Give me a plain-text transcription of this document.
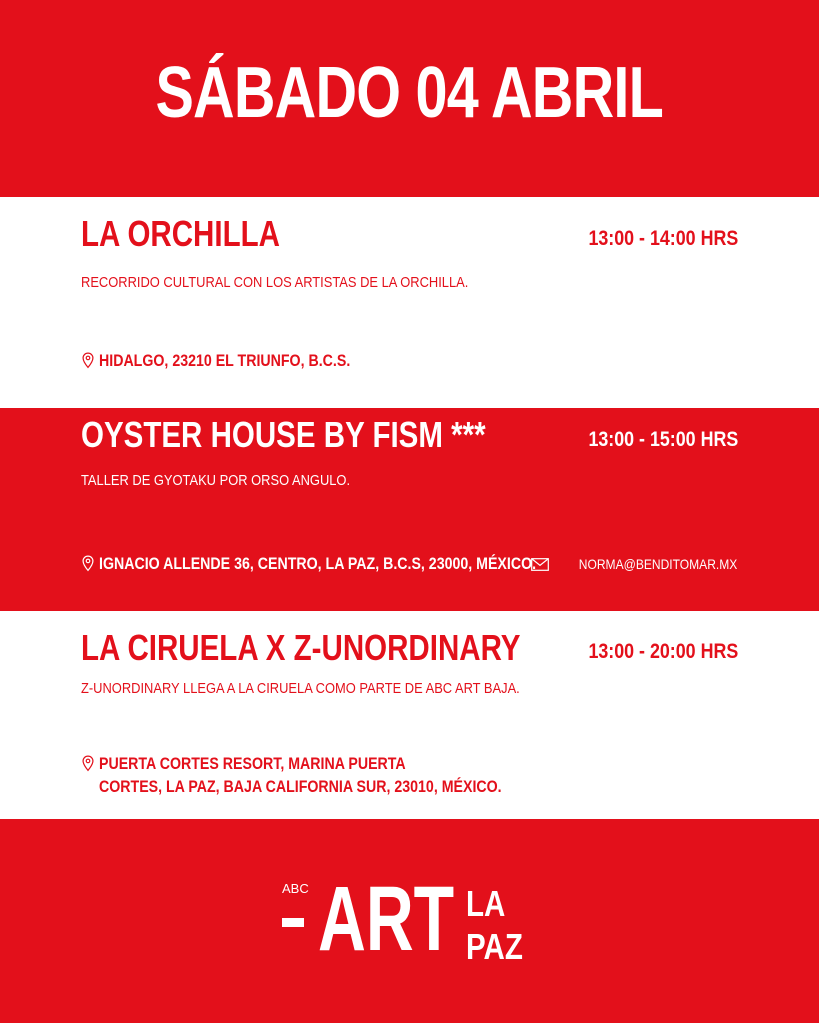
SÁBADO 04 ABRIL
LA ORCHILLA	13:00 - 14:00 HRS
RECORRIDO CULTURAL CON LOS ARTISTAS DE LA ORCHILLA.
HIDALGO, 23210 EL TRIUNFO, B.C.S.
OYSTER HOUSE BY FISM ***	13:00 - 15:00 HRS
TALLER DE GYOTAKU POR ORSO ANGULO.
IGNACIO ALLENDE 36, CENTRO, LA PAZ, B.C.S, 23000, MÉXICO.	NORMA@BENDITOMAR.MX
LA CIRUELA X Z-UNORDINARY	13:00 - 20:00 HRS
Z-UNORDINARY LLEGA A LA CIRUELA COMO PARTE DE ABC ART BAJA.
PUERTA CORTES RESORT, MARINA PUERTA
CORTES, LA PAZ, BAJA CALIFORNIA SUR, 23010, MÉXICO.
ABC ART LA
PAZ
